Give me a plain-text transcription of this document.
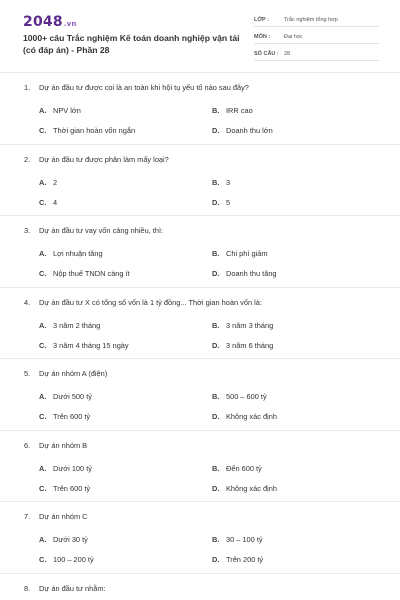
2048.vn
1000+ câu Trắc nghiệm Kế toán doanh nghiệp vận tải (có đáp án) - Phần 28
LỚP :	Trắc nghiệm tổng hợp
MÔN :	Đại học
SỐ CÂU : 28
1. Dự án đầu tư được coi là an toàn khi hội tụ yếu tố nào sau đây?
A. NPV lớn	B. IRR cao
C. Thời gian hoàn vốn ngắn	D. Doanh thu lớn
2. Dự án đầu tư được phân làm mấy loại?
A. 2	B. 3
C. 4	D. 5
3. Dự án đầu tư vay vốn càng nhiều, thì:
A. Lợi nhuận tăng	B. Chi phí giảm
C. Nộp thuế TNDN càng ít	D. Doanh thu tăng
4. Dự án đầu tư X có tổng số vốn là 1 tỷ đồng... Thời gian hoàn vốn là:
A. 3 năm 2 tháng	B. 3 năm 3 tháng
C. 3 năm 4 tháng 15 ngày	D. 3 năm 6 tháng
5. Dự án nhóm A (điện)
A. Dưới 500 tỷ	B. 500 – 600 tỷ
C. Trên 600 tỷ	D. Không xác định
6. Dự án nhóm B
A. Dưới 100 tỷ	B. Đến 600 tỷ
C. Trên 600 tỷ	D. Không xác định
7. Dự án nhóm C
A. Dưới 30 tỷ	B. 30 – 100 tỷ
C. 100 – 200 tỷ	D. Trên 200 tỷ
8. Dự án đầu tư nhằm:
